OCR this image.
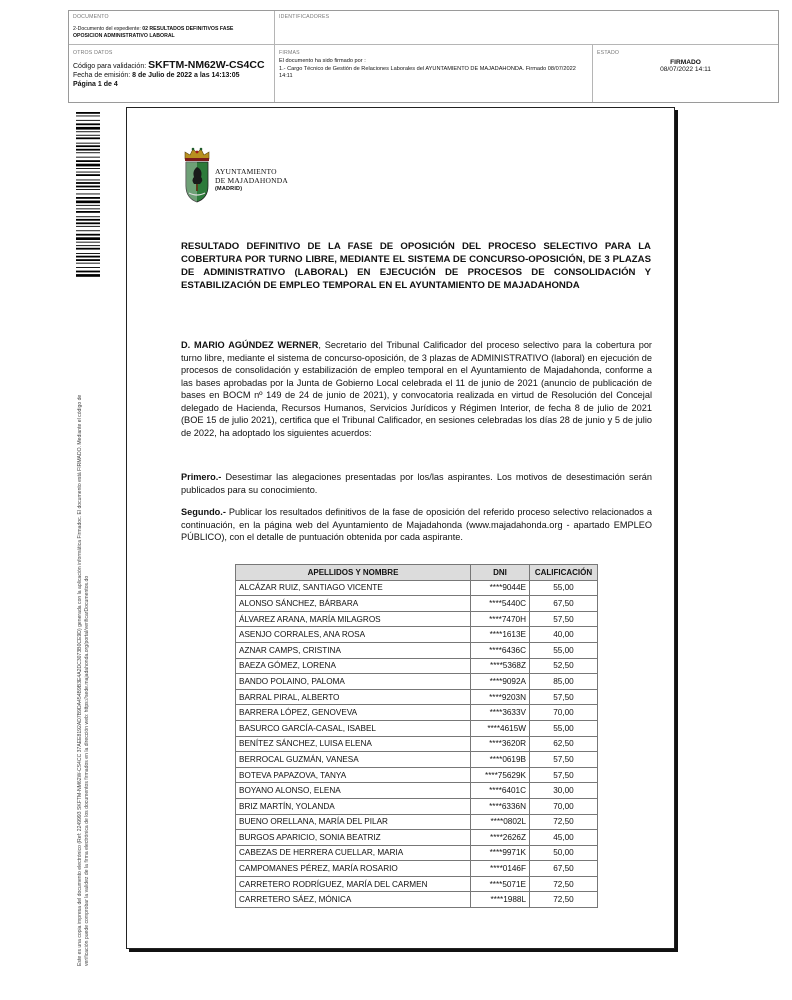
DOCUMENTO
2-Documento del expediente: 02 RESULTADOS DEFINITIVOS FASE OPOSICION ADMINISTRATIVO LABORAL
IDENTIFICADORES
OTROS DATOS
Código para validación: SKFTM-NM62W-CS4CC
Fecha de emisión: 8 de Julio de 2022 a las 14:13:05
Página 1 de 4
FIRMAS
El documento ha sido firmado por :
1.- Cargo Técnico de Gestión de Relaciones Laborales del AYUNTAMIENTO DE MAJADAHONDA. Firmado 08/07/2022 14:11
ESTADO
FIRMADO
08/07/2022 14:11
Este es una copia impresa del documento electrónico (Ref: 2249993 SKFTM-NM62W-CS4CC 37AEE8192AD7B9DA454B9B3E4A2DC3073B0CE9D) generada con la aplicación informática Firmadoc. El documento está FIRMADO. Mediante el código de verificación puede comprobar la validez de la firma electrónica de los documentos firmados en la dirección web: https://sede.majadahonda.org/portal/verificarDocumentos.do
AYUNTAMIENTO
DE MAJADAHONDA
(MADRID)
RESULTADO DEFINITIVO DE LA FASE DE OPOSICIÓN DEL PROCESO SELECTIVO PARA LA COBERTURA POR TURNO LIBRE, MEDIANTE EL SISTEMA DE CONCURSO-OPOSICIÓN, DE 3 PLAZAS DE ADMINISTRATIVO (LABORAL) EN EJECUCIÓN DE PROCESOS DE CONSOLIDACIÓN Y ESTABILIZACIÓN DE EMPLEO TEMPORAL EN EL AYUNTAMIENTO DE MAJADAHONDA
D. MARIO AGÚNDEZ WERNER, Secretario del Tribunal Calificador del proceso selectivo para la cobertura por turno libre, mediante el sistema de concurso-oposición, de 3 plazas de ADMINISTRATIVO (laboral) en ejecución de procesos de consolidación y estabilización de empleo temporal en el Ayuntamiento de Majadahonda, conforme a las bases aprobadas por la Junta de Gobierno Local celebrada el 11 de junio de 2021 (anuncio de publicación de bases en BOCM nº 149 de 24 de junio de 2021), y convocatoria realizada en virtud de Resolución del Concejal delegado de Hacienda, Recursos Humanos, Servicios Jurídicos y Régimen Interior, de fecha 8 de julio de 2021 (BOE 15 de julio 2021), certifica que el Tribunal Calificador, en sesiones celebradas los días 28 de junio y 5 de julio de 2022, ha adoptado los siguientes acuerdos:
Primero.- Desestimar las alegaciones presentadas por los/las aspirantes. Los motivos de desestimación serán publicados para su conocimiento.
Segundo.- Publicar los resultados definitivos de la fase de oposición del referido proceso selectivo relacionados a continuación, en la página web del Ayuntamiento de Majadahonda (www.majadahonda.org - apartado EMPLEO PÚBLICO), con el detalle de puntuación obtenida por cada aspirante.
APELLIDOS Y NOMBRE	DNI	CALIFICACIÓN
ALCÁZAR RUIZ, SANTIAGO VICENTE	****9044E	55,00
ALONSO SÁNCHEZ, BÁRBARA	****5440C	67,50
ÁLVAREZ ARANA, MARÍA MILAGROS	****7470H	57,50
ASENJO CORRALES, ANA ROSA	****1613E	40,00
AZNAR CAMPS, CRISTINA	****6436C	55,00
BAEZA GÓMEZ, LORENA	****5368Z	52,50
BANDO POLAINO, PALOMA	****9092A	85,00
BARRAL PIRAL, ALBERTO	****9203N	57,50
BARRERA LÓPEZ, GENOVEVA	****3633V	70,00
BASURCO GARCÍA-CASAL, ISABEL	****4615W	55,00
BENÍTEZ SÁNCHEZ, LUISA ELENA	****3620R	62,50
BERROCAL GUZMÁN, VANESA	****0619B	57,50
BOTEVA PAPAZOVA, TANYA	****75629K	57,50
BOYANO ALONSO, ELENA	****6401C	30,00
BRIZ MARTÍN, YOLANDA	****6336N	70,00
BUENO ORELLANA, MARÍA DEL PILAR	****0802L	72,50
BURGOS APARICIO, SONIA BEATRIZ	****2626Z	45,00
CABEZAS DE HERRERA CUELLAR, MARIA	****9971K	50,00
CAMPOMANES PÉREZ, MARÍA ROSARIO	****0146F	67,50
CARRETERO RODRÍGUEZ, MARÍA DEL CARMEN	****5071E	72,50
CARRETERO SÁEZ, MÓNICA	****1988L	72,50
